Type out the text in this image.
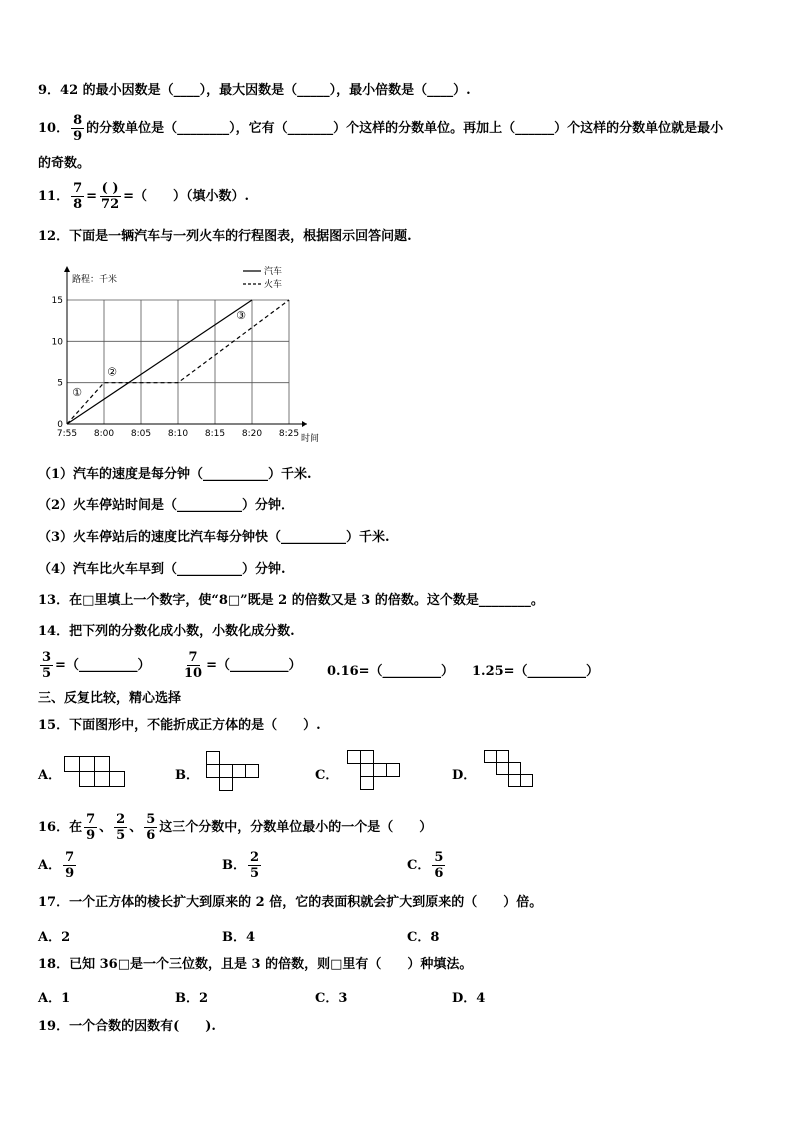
9．42 的最小因数是（____），最大因数是（_____），最小倍数是（____）.
10． $\frac{8}{9}$ 的分数单位是（________），它有（_______）个这样的分数单位。再加上（______）个这样的分数单位就是最小
的奇数。
11． $\frac{7}{8} = \frac{( )}{72}$ =（　　）（填小数）.
12．下面是一辆汽车与一列火车的行程图表，根据图示回答问题.
7:55 8:00 8:05 8:10 8:15 8:20 8:25
0
5
10
15
路程：千米
时间
汽车
火车
①
②
③
（1）汽车的速度是每分钟（__________）千米.
（2）火车停站时间是（__________）分钟．
（3）火车停站后的速度比汽车每分钟快（__________）千米.
（4）汽车比火车早到（__________）分钟.
13．在□里填上一个数字，使“8□”既是 2 的倍数又是 3 的倍数。这个数是________。
14．把下列的分数化成小数，小数化成分数.
$\frac{3}{5}$ =（_________） $\frac{7}{10}$ =（_________） 0.16=（_________） 1.25=（_________）
三、反复比较，精心选择
15．下面图形中，不能折成正方体的是（　　）.
A．	B．	C．	D．
16．在 $\frac{7}{9}$ 、 $\frac{2}{5}$ 、 $\frac{5}{6}$ 这三个分数中，分数单位最小的一个是（　　）
A． $\frac{7}{9}$	B． $\frac{2}{5}$	C． $\frac{5}{6}$
17．一个正方体的棱长扩大到原来的 2 倍，它的表面积就会扩大到原来的（　　）倍。
A．2	B．4	C．8
18．已知 36□是一个三位数，且是 3 的倍数，则□里有（　　）种填法。
A．1	B．2	C．3	D．4
19．一个合数的因数有(　　).
